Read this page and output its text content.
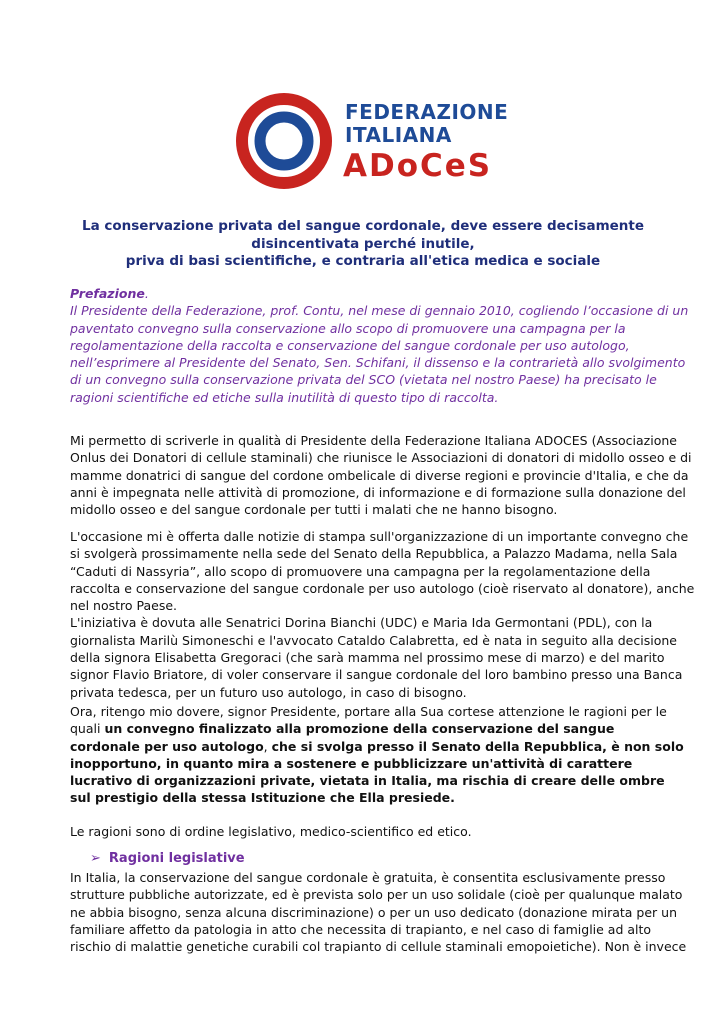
FEDERAZIONE
ITALIANA
ADoCeS
La conservazione privata del sangue cordonale, deve essere decisamente
disincentivata perché inutile,
priva di basi scientifiche, e contraria all'etica medica e sociale
Prefazione.
Il Presidente della Federazione, prof. Contu, nel mese di gennaio 2010, cogliendo l’occasione di un
paventato convegno sulla conservazione allo scopo di promuovere una campagna per la
regolamentazione della raccolta e conservazione del sangue cordonale per uso autologo,
nell’esprimere al Presidente del Senato, Sen. Schifani, il dissenso e la contrarietà allo svolgimento
di un convegno sulla conservazione privata del SCO (vietata nel nostro Paese) ha precisato le
ragioni scientifiche ed etiche sulla inutilità di questo tipo di raccolta.
Mi permetto di scriverle in qualità di Presidente della Federazione Italiana ADOCES (Associazione
Onlus dei Donatori di cellule staminali) che riunisce le Associazioni di donatori di midollo osseo e di
mamme donatrici di sangue del cordone ombelicale di diverse regioni e provincie d'Italia, e che da
anni è impegnata nelle attività di promozione, di informazione e di formazione sulla donazione del
midollo osseo e del sangue cordonale per tutti i malati che ne hanno bisogno.
L'occasione mi è offerta dalle notizie di stampa sull'organizzazione di un importante convegno che
si svolgerà prossimamente nella sede del Senato della Repubblica, a Palazzo Madama, nella Sala
“Caduti di Nassyria”, allo scopo di promuovere una campagna per la regolamentazione della
raccolta e conservazione del sangue cordonale per uso autologo (cioè riservato al donatore), anche
nel nostro Paese.
L'iniziativa è dovuta alle Senatrici Dorina Bianchi (UDC) e Maria Ida Germontani (PDL), con la
giornalista Marilù Simoneschi e l'avvocato Cataldo Calabretta, ed è nata in seguito alla decisione
della signora Elisabetta Gregoraci (che sarà mamma nel prossimo mese di marzo) e del marito
signor Flavio Briatore, di voler conservare il sangue cordonale del loro bambino presso una Banca
privata tedesca, per un futuro uso autologo, in caso di bisogno.
Ora, ritengo mio dovere, signor Presidente, portare alla Sua cortese attenzione le ragioni per le
quali un convegno finalizzato alla promozione della conservazione del sangue
cordonale per uso autologo, che si svolga presso il Senato della Repubblica, è non solo
inopportuno, in quanto mira a sostenere e pubblicizzare un'attività di carattere
lucrativo di organizzazioni private, vietata in Italia, ma rischia di creare delle ombre
sul prestigio della stessa Istituzione che Ella presiede.
Le ragioni sono di ordine legislativo, medico-scientifico ed etico.
➢ Ragioni legislative
In Italia, la conservazione del sangue cordonale è gratuita, è consentita esclusivamente presso
strutture pubbliche autorizzate, ed è prevista solo per un uso solidale (cioè per qualunque malato
ne abbia bisogno, senza alcuna discriminazione) o per un uso dedicato (donazione mirata per un
familiare affetto da patologia in atto che necessita di trapianto, e nel caso di famiglie ad alto
rischio di malattie genetiche curabili col trapianto di cellule staminali emopoietiche). Non è invece
